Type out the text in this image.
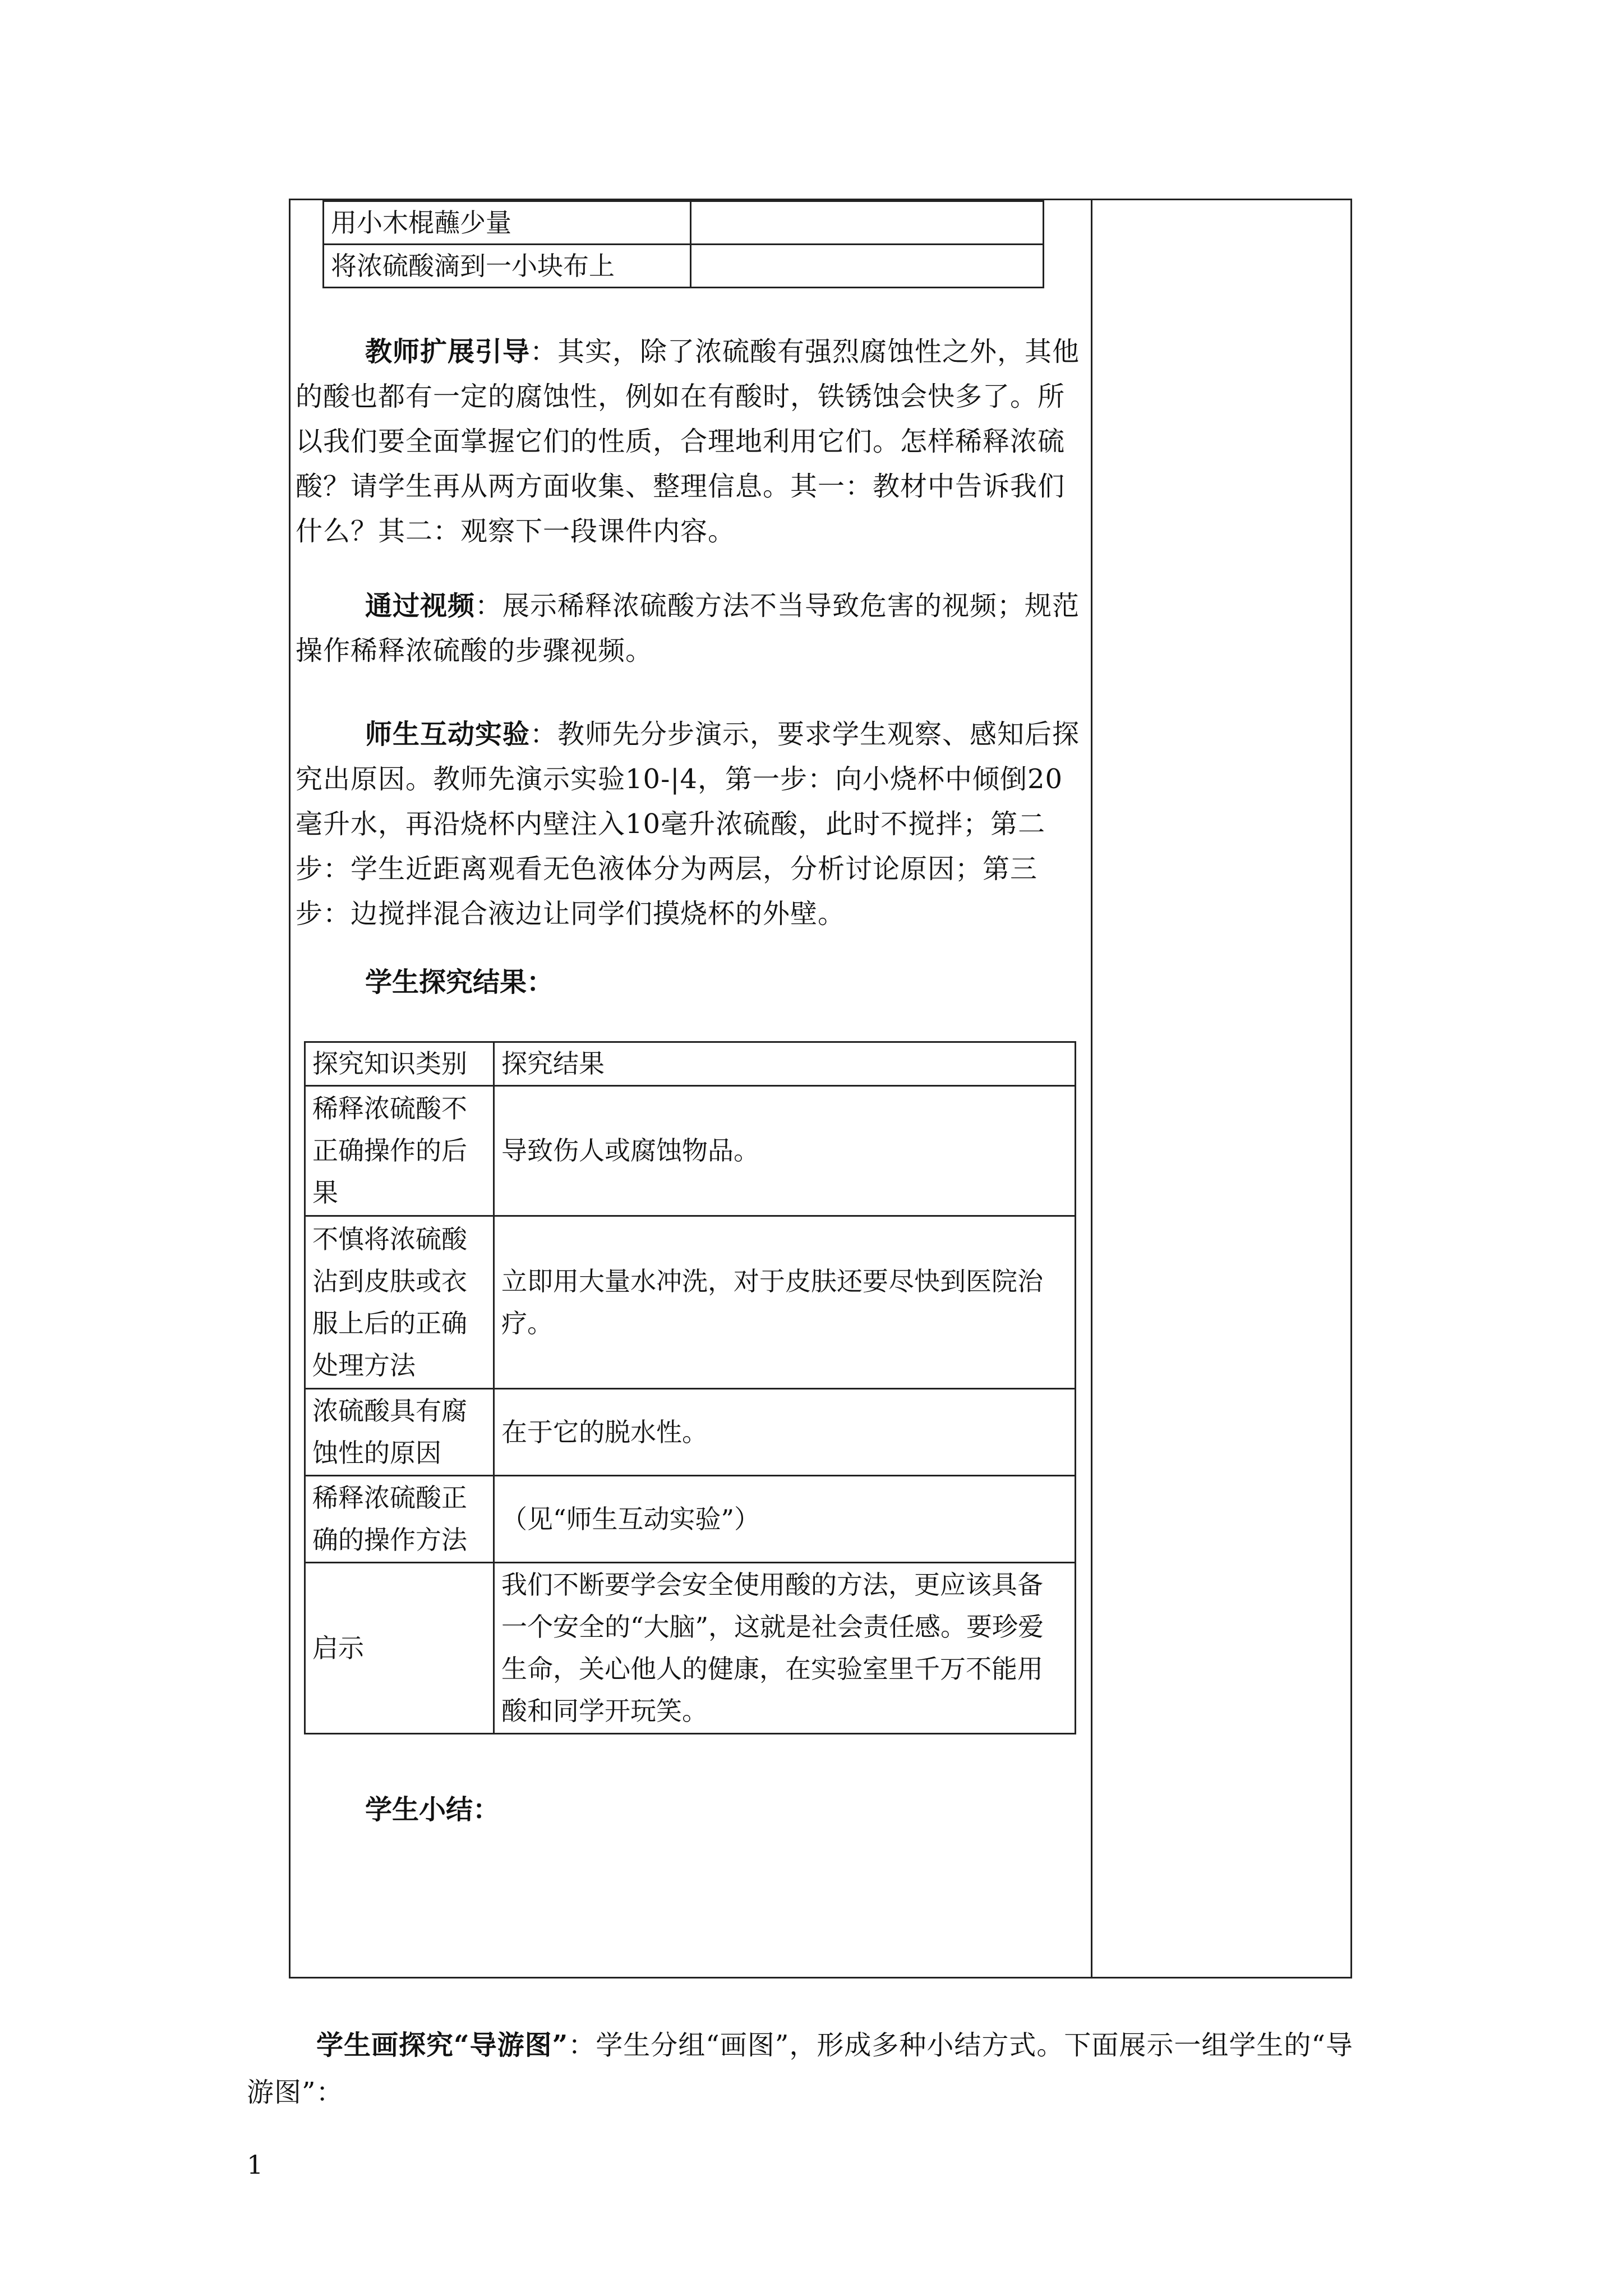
用小木棍蘸少量	
将浓硫酸滴到一小块布上	

教师扩展引导：其实，除了浓硫酸有强烈腐蚀性之外，其他的酸也都有一定的腐蚀性，例如在有酸时，铁锈蚀会快多了。所以我们要全面掌握它们的性质，合理地利用它们。怎样稀释浓硫酸？请学生再从两方面收集、整理信息。其一：教材中告诉我们什么？其二：观察下一段课件内容。

通过视频：展示稀释浓硫酸方法不当导致危害的视频；规范操作稀释浓硫酸的步骤视频。

师生互动实验：教师先分步演示，要求学生观察、感知后探究出原因。教师先演示实验10-|4，第一步：向小烧杯中倾倒20毫升水，再沿烧杯内壁注入10毫升浓硫酸，此时不搅拌；第二步：学生近距离观看无色液体分为两层，分析讨论原因；第三步：边搅拌混合液边让同学们摸烧杯的外壁。

学生探究结果：
探究知识类别	探究结果
稀释浓硫酸不正确操作的后果	导致伤人或腐蚀物品。
不慎将浓硫酸沾到皮肤或衣服上后的正确处理方法	立即用大量水冲洗，对于皮肤还要尽快到医院治疗。
浓硫酸具有腐蚀性的原因	在于它的脱水性。
稀释浓硫酸正确的操作方法	（见“师生互动实验”）
启示	我们不断要学会安全使用酸的方法，更应该具备一个安全的“大脑”，这就是社会责任感。要珍爱生命，关心他人的健康，在实验室里千万不能用酸和同学开玩笑。
学生小结：

学生画探究“导游图”：学生分组“画图”，形成多种小结方式。下面展示一组学生的“导游图”：

1
